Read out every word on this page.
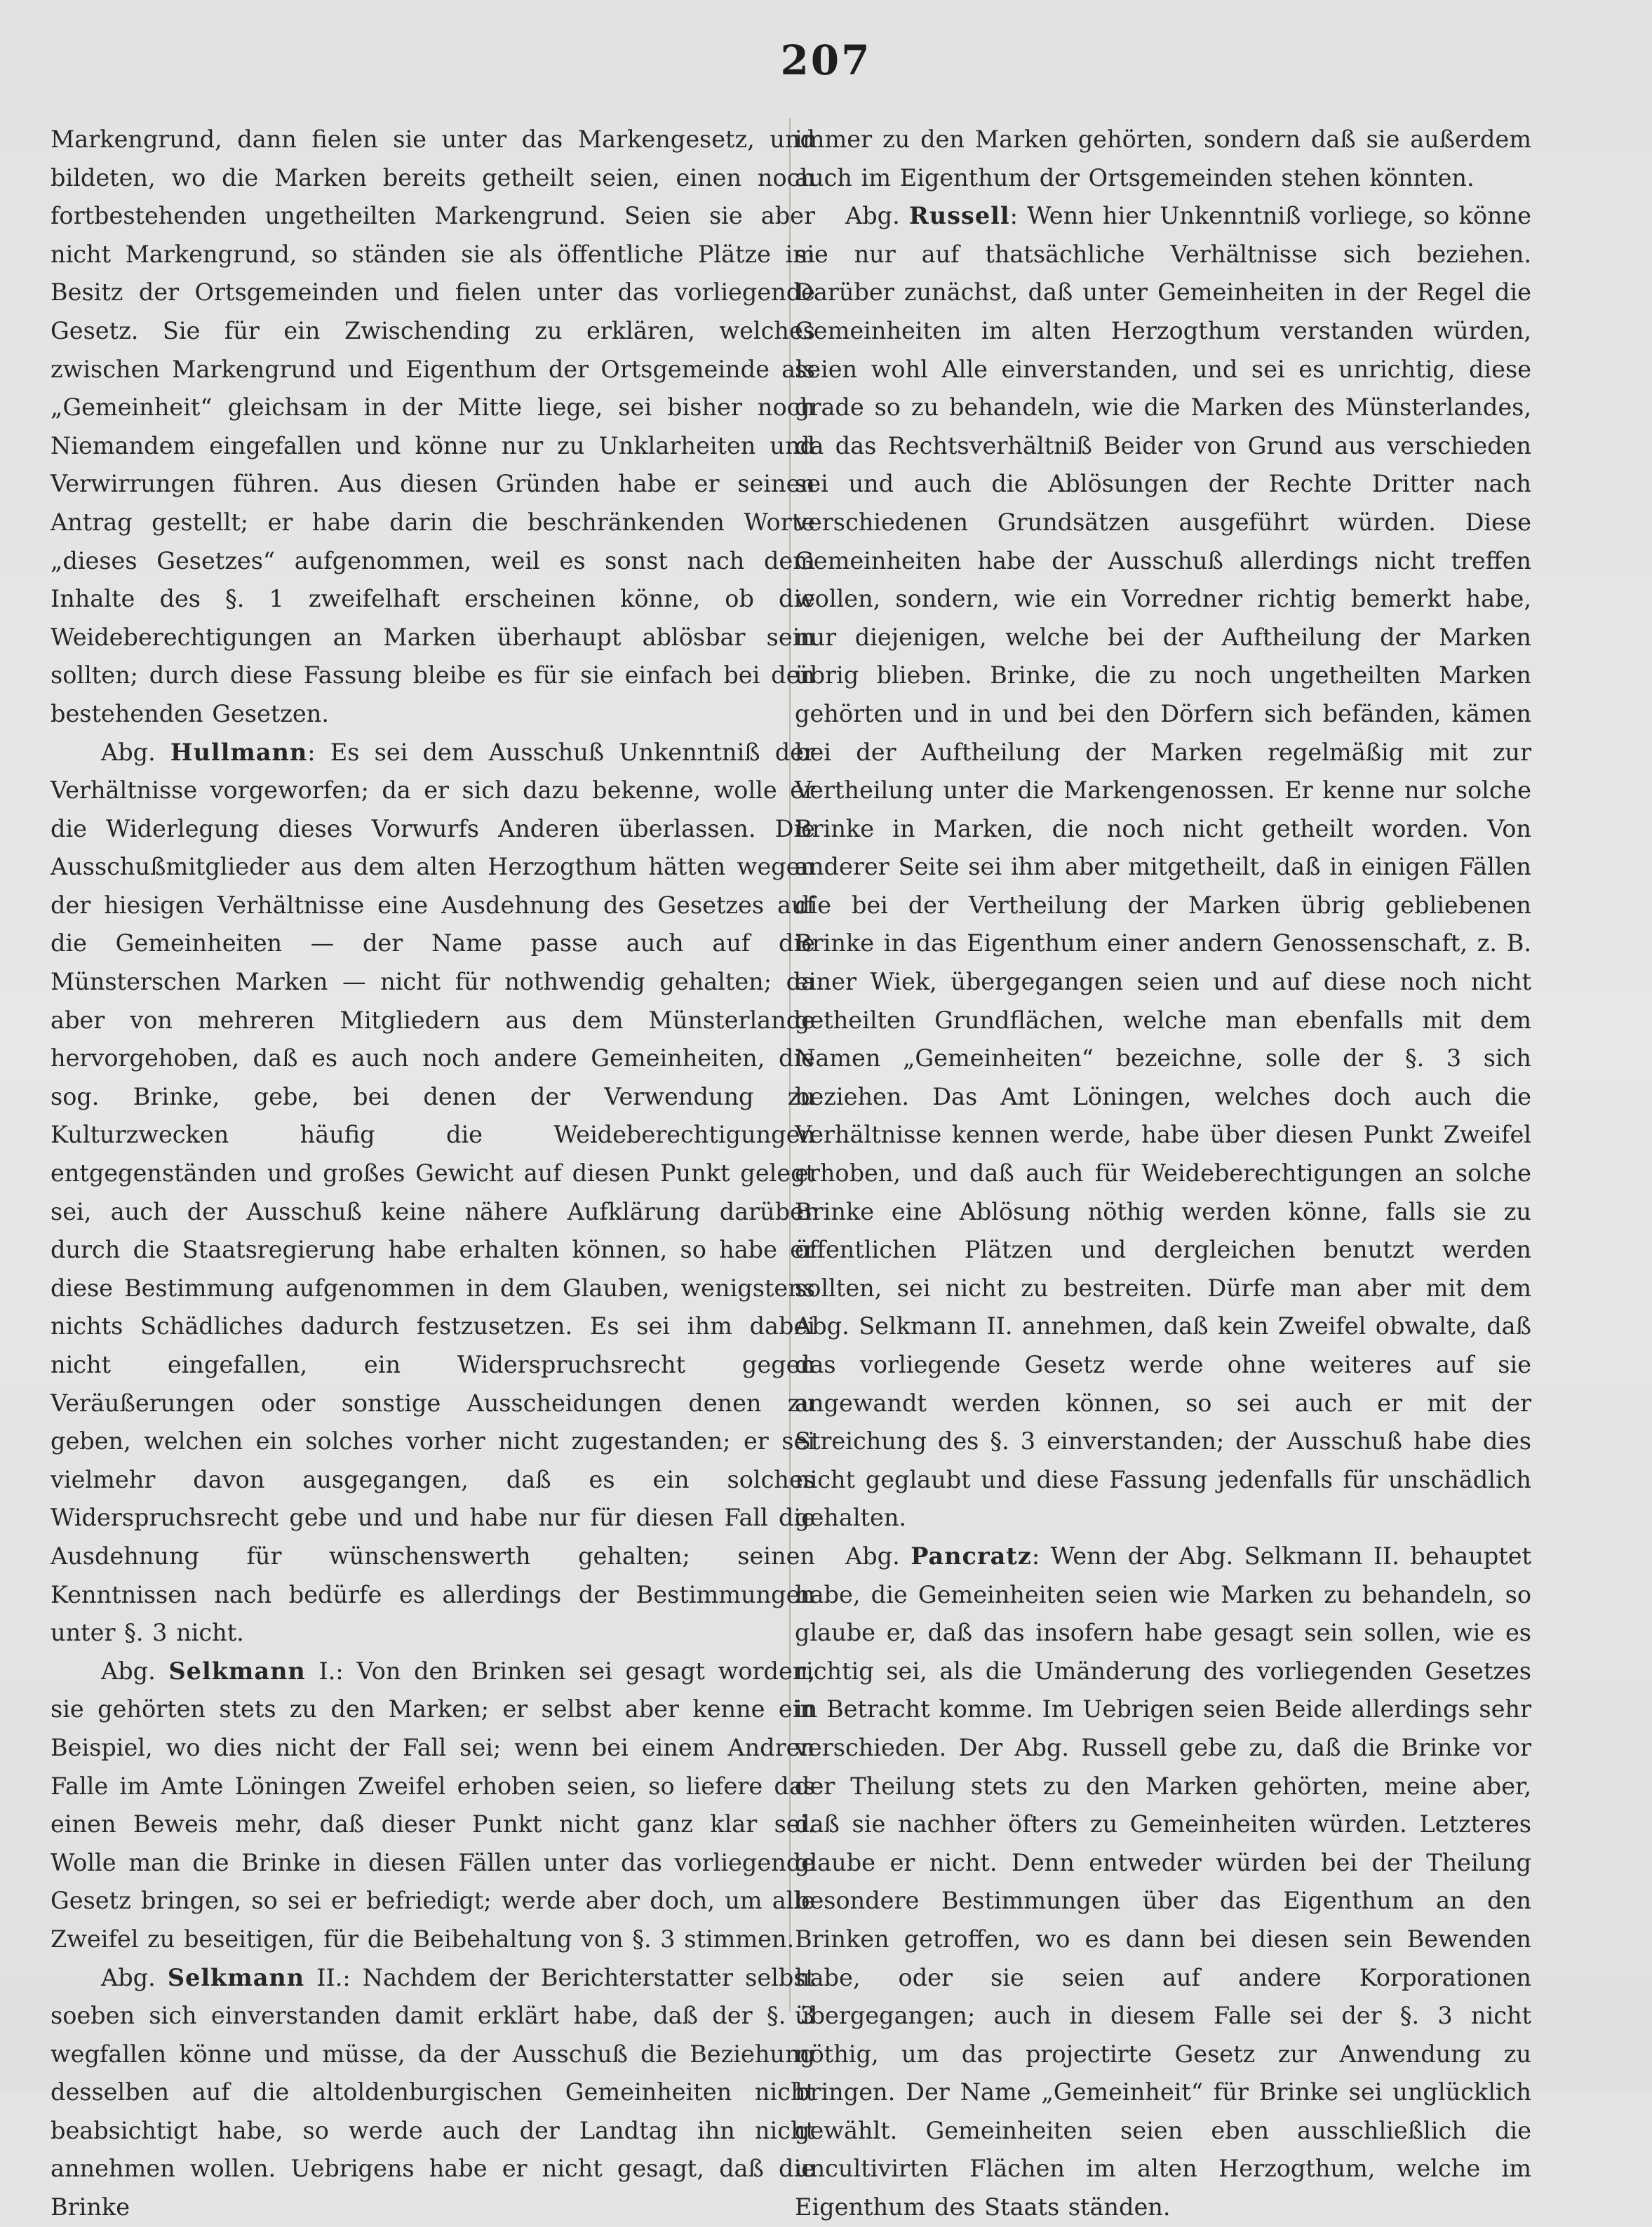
207

Markengrund, dann fielen sie unter das Markengesetz, und bildeten, wo die Marken bereits getheilt seien, einen noch fortbestehenden ungetheilten Markengrund. Seien sie aber nicht Markengrund, so ständen sie als öffentliche Plätze im Besitz der Ortsgemeinden und fielen unter das vorliegende Gesetz. Sie für ein Zwischending zu erklären, welches zwischen Markengrund und Eigenthum der Ortsgemeinde als „Gemeinheit“ gleichsam in der Mitte liege, sei bisher noch Niemandem eingefallen und könne nur zu Unklarheiten und Verwirrungen führen. Aus diesen Gründen habe er seinen Antrag gestellt; er habe darin die beschränkenden Worte „dieses Gesetzes“ aufgenommen, weil es sonst nach dem Inhalte des §. 1 zweifelhaft erscheinen könne, ob die Weideberechtigungen an Marken überhaupt ablösbar sein sollten; durch diese Fassung bleibe es für sie einfach bei den bestehenden Gesetzen.

Abg. Hullmann: Es sei dem Ausschuß Unkenntniß der Verhältnisse vorgeworfen; da er sich dazu bekenne, wolle er die Widerlegung dieses Vorwurfs Anderen überlassen. Die Ausschußmitglieder aus dem alten Herzogthum hätten wegen der hiesigen Verhältnisse eine Ausdehnung des Gesetzes auf die Gemeinheiten — der Name passe auch auf die Münsterschen Marken — nicht für nothwendig gehalten; da aber von mehreren Mitgliedern aus dem Münsterlande hervorgehoben, daß es auch noch andere Gemeinheiten, die sog. Brinke, gebe, bei denen der Verwendung zu Kulturzwecken häufig die Weideberechtigungen entgegenständen und großes Gewicht auf diesen Punkt gelegt sei, auch der Ausschuß keine nähere Aufklärung darüber durch die Staatsregierung habe erhalten können, so habe er diese Bestimmung aufgenommen in dem Glauben, wenigstens nichts Schädliches dadurch festzusetzen. Es sei ihm dabei nicht eingefallen, ein Widerspruchsrecht gegen Veräußerungen oder sonstige Ausscheidungen denen zu geben, welchen ein solches vorher nicht zugestanden; er sei vielmehr davon ausgegangen, daß es ein solches Widerspruchsrecht gebe und und habe nur für diesen Fall die Ausdehnung für wünschenswerth gehalten; seinen Kenntnissen nach bedürfe es allerdings der Bestimmungen unter §. 3 nicht.

Abg. Selkmann I.: Von den Brinken sei gesagt worden, sie gehörten stets zu den Marken; er selbst aber kenne ein Beispiel, wo dies nicht der Fall sei; wenn bei einem Andren Falle im Amte Löningen Zweifel erhoben seien, so liefere das einen Beweis mehr, daß dieser Punkt nicht ganz klar sei. Wolle man die Brinke in diesen Fällen unter das vorliegende Gesetz bringen, so sei er befriedigt; werde aber doch, um alle Zweifel zu beseitigen, für die Beibehaltung von §. 3 stimmen.

Abg. Selkmann II.: Nachdem der Berichterstatter selbst soeben sich einverstanden damit erklärt habe, daß der §. 3 wegfallen könne und müsse, da der Ausschuß die Beziehung desselben auf die altoldenburgischen Gemeinheiten nicht beabsichtigt habe, so werde auch der Landtag ihn nicht annehmen wollen. Uebrigens habe er nicht gesagt, daß die Brinke

immer zu den Marken gehörten, sondern daß sie außerdem auch im Eigenthum der Ortsgemeinden stehen könnten.

Abg. Russell: Wenn hier Unkenntniß vorliege, so könne sie nur auf thatsächliche Verhältnisse sich beziehen. Darüber zunächst, daß unter Gemeinheiten in der Regel die Gemeinheiten im alten Herzogthum verstanden würden, seien wohl Alle einverstanden, und sei es unrichtig, diese grade so zu behandeln, wie die Marken des Münsterlandes, da das Rechtsverhältniß Beider von Grund aus verschieden sei und auch die Ablösungen der Rechte Dritter nach verschiedenen Grundsätzen ausgeführt würden. Diese Gemeinheiten habe der Ausschuß allerdings nicht treffen wollen, sondern, wie ein Vorredner richtig bemerkt habe, nur diejenigen, welche bei der Auftheilung der Marken übrig blieben. Brinke, die zu noch ungetheilten Marken gehörten und in und bei den Dörfern sich befänden, kämen bei der Auftheilung der Marken regelmäßig mit zur Vertheilung unter die Markengenossen. Er kenne nur solche Brinke in Marken, die noch nicht getheilt worden. Von anderer Seite sei ihm aber mitgetheilt, daß in einigen Fällen die bei der Vertheilung der Marken übrig gebliebenen Brinke in das Eigenthum einer andern Genossenschaft, z. B. einer Wiek, übergegangen seien und auf diese noch nicht getheilten Grundflächen, welche man ebenfalls mit dem Namen „Gemeinheiten“ bezeichne, solle der §. 3 sich beziehen. Das Amt Löningen, welches doch auch die Verhältnisse kennen werde, habe über diesen Punkt Zweifel erhoben, und daß auch für Weideberechtigungen an solche Brinke eine Ablösung nöthig werden könne, falls sie zu öffentlichen Plätzen und dergleichen benutzt werden sollten, sei nicht zu bestreiten. Dürfe man aber mit dem Abg. Selkmann II. annehmen, daß kein Zweifel obwalte, daß das vorliegende Gesetz werde ohne weiteres auf sie angewandt werden können, so sei auch er mit der Streichung des §. 3 einverstanden; der Ausschuß habe dies nicht geglaubt und diese Fassung jedenfalls für unschädlich gehalten.

Abg. Pancratz: Wenn der Abg. Selkmann II. behauptet habe, die Gemeinheiten seien wie Marken zu behandeln, so glaube er, daß das insofern habe gesagt sein sollen, wie es richtig sei, als die Umänderung des vorliegenden Gesetzes in Betracht komme. Im Uebrigen seien Beide allerdings sehr verschieden. Der Abg. Russell gebe zu, daß die Brinke vor der Theilung stets zu den Marken gehörten, meine aber, daß sie nachher öfters zu Gemeinheiten würden. Letzteres glaube er nicht. Denn entweder würden bei der Theilung besondere Bestimmungen über das Eigenthum an den Brinken getroffen, wo es dann bei diesen sein Bewenden habe, oder sie seien auf andere Korporationen übergegangen; auch in diesem Falle sei der §. 3 nicht nöthig, um das projectirte Gesetz zur Anwendung zu bringen. Der Name „Gemeinheit“ für Brinke sei unglücklich gewählt. Gemeinheiten seien eben ausschließlich die uncultivirten Flächen im alten Herzogthum, welche im Eigenthum des Staats ständen.
